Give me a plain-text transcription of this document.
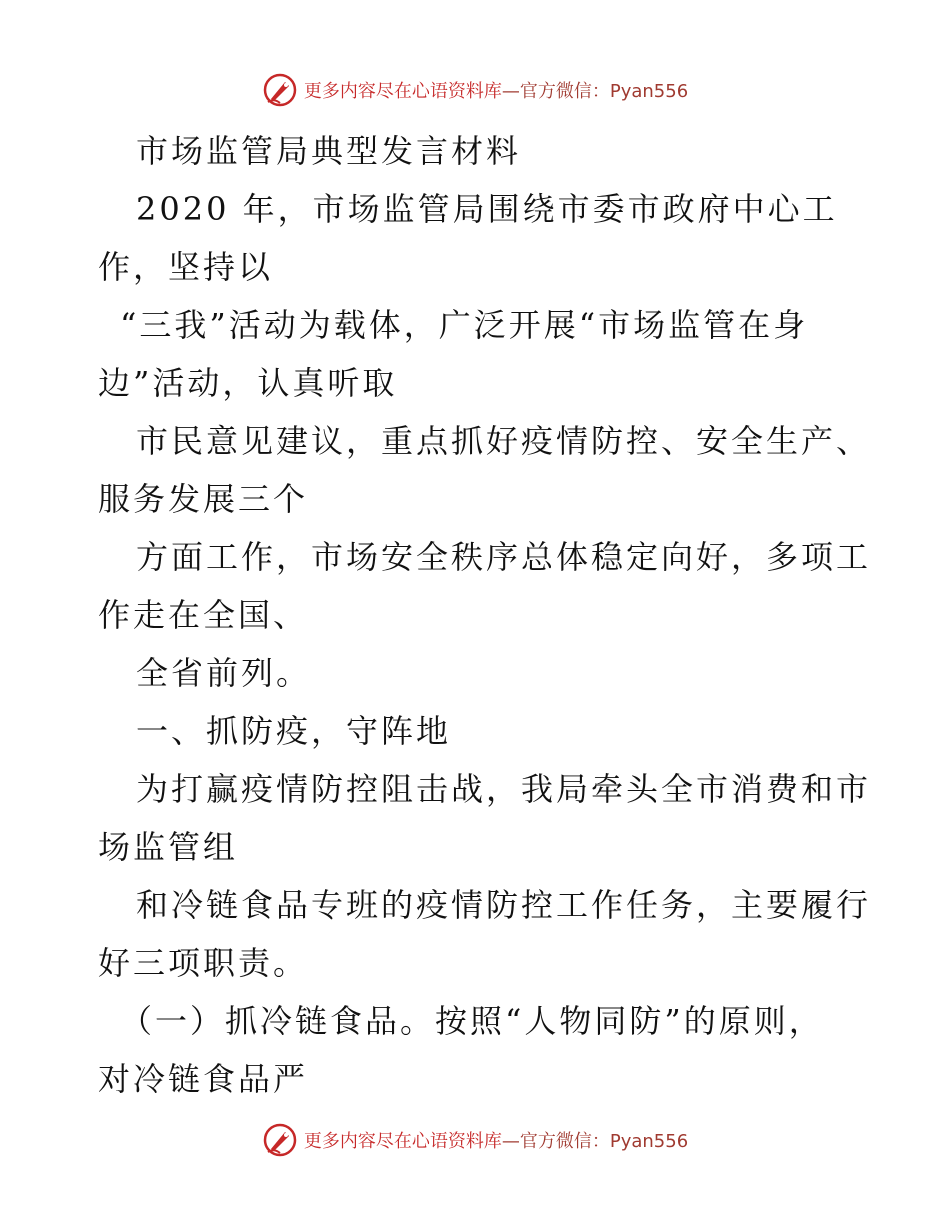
更多内容尽在心语资料库 —官方微信：Pyan556
市场监管局典型发言材料
2020 年，市场监管局围绕市委市政府中心工
作，坚持以
“三我”活动为载体，广泛开展“市场监管在身
边”活动，认真听取
市民意见建议，重点抓好疫情防控、安全生产、
服务发展三个
方面工作，市场安全秩序总体稳定向好，多项工
作走在全国、
全省前列。
一、抓防疫，守阵地
为打赢疫情防控阻击战，我局牵头全市消费和市
场监管组
和冷链食品专班的疫情防控工作任务，主要履行
好三项职责。
（一）抓冷链食品。按照“人物同防”的原则，
对冷链食品严
更多内容尽在心语资料库 —官方微信：Pyan556
